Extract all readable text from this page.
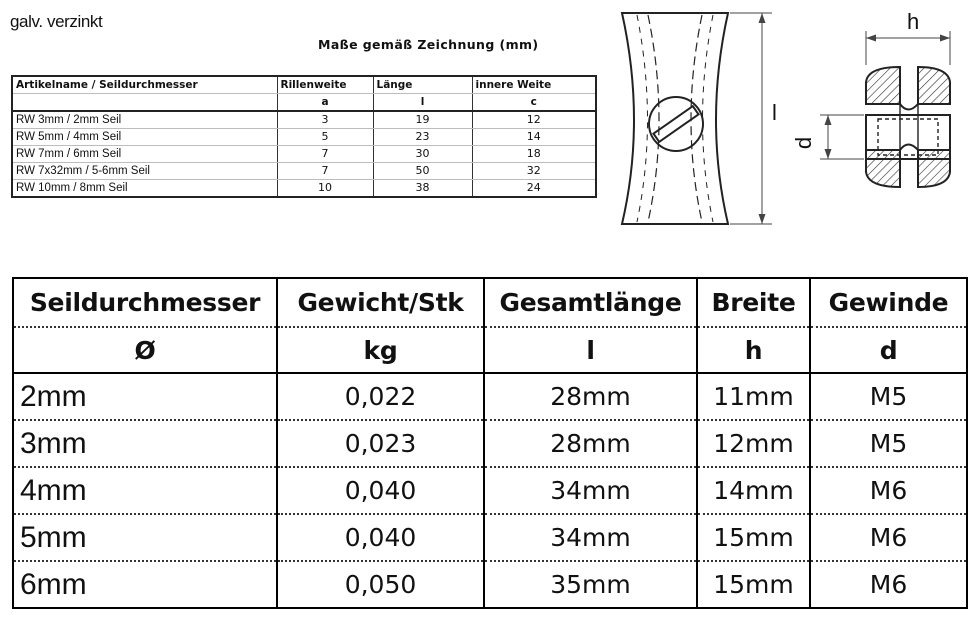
galv. verzinkt
Maße gemäß Zeichnung (mm)
Artikelname / Seildurchmesser	Rillenweite	Länge	innere Weite
	a	l	c
RW 3mm / 2mm Seil	3	19	12
RW 5mm / 4mm Seil	5	23	14
RW 7mm / 6mm Seil	7	30	18
RW 7x32mm / 5-6mm Seil	7	50	32
RW 10mm / 8mm Seil	10	38	24
l
h
d
Seildurchmesser	Gewicht/Stk	Gesamtlänge	Breite	Gewinde
Ø	kg	l	h	d
2mm	0,022	28mm	11mm	M5
3mm	0,023	28mm	12mm	M5
4mm	0,040	34mm	14mm	M6
5mm	0,040	34mm	15mm	M6
6mm	0,050	35mm	15mm	M6
